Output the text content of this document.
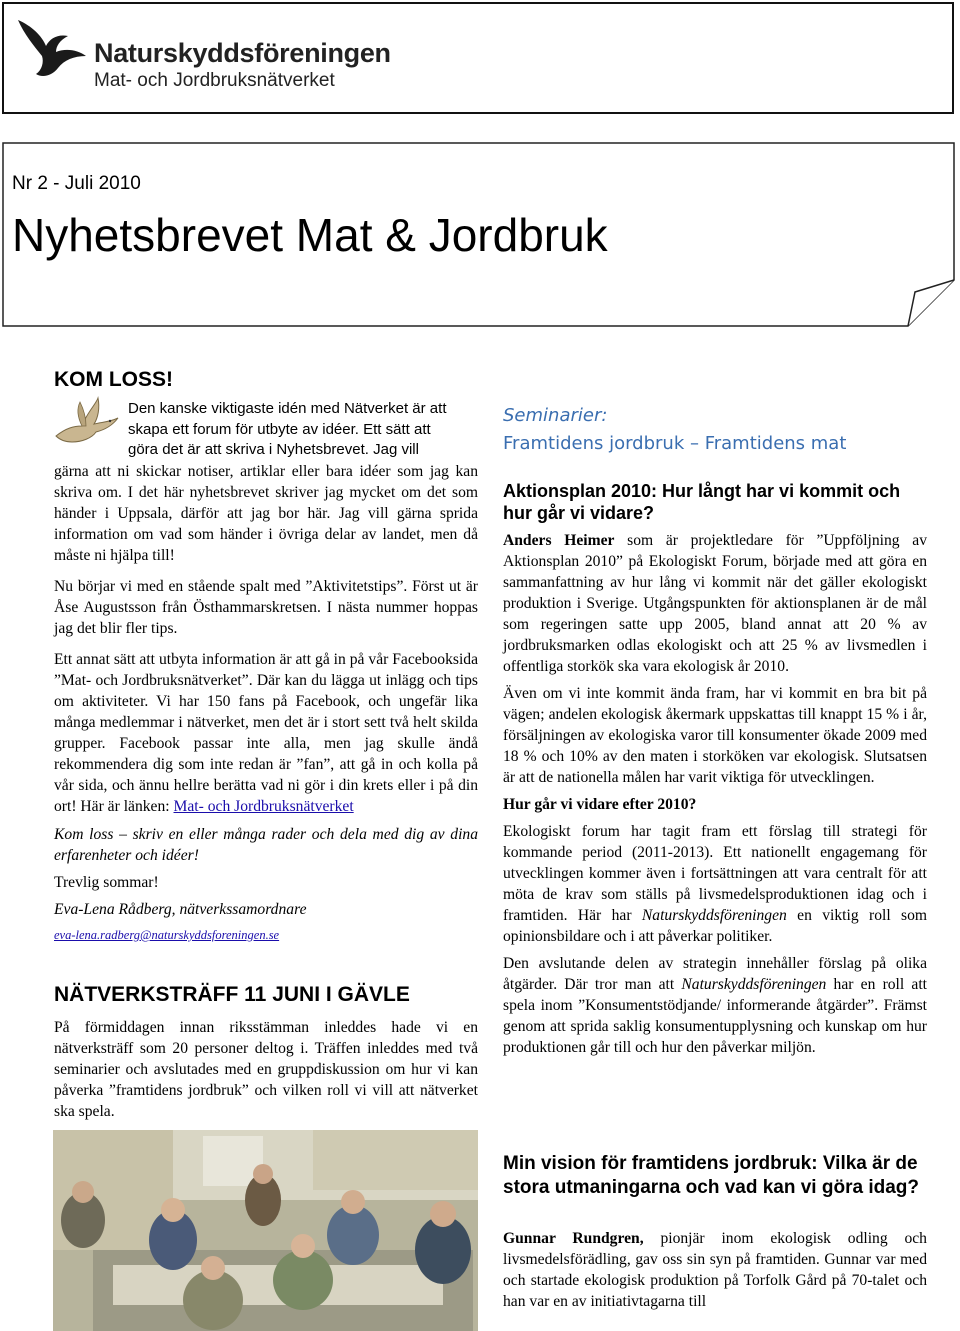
Naturskyddsföreningen
Mat- och Jordbruksnätverket
Nr 2 - Juli 2010
Nyhetsbrevet Mat & Jordbruk
KOM LOSS!
Den kanske viktigaste idén med Nätverket är att
skapa ett forum för utbyte av idéer. Ett sätt att
göra det är att skriva i Nyhetsbrevet. Jag vill

gärna att ni skickar notiser, artiklar eller bara idéer som jag kan skriva om. I det här nyhetsbrevet skriver jag mycket om det som händer i Uppsala, därför att jag bor här. Jag vill gärna sprida information om vad som händer i övriga delar av landet, men då måste ni hjälpa till!

Nu börjar vi med en stående spalt med ”Aktivitetstips”. Först ut är Åse Augustsson från Östhammarskretsen. I nästa nummer hoppas jag det blir fler tips.

Ett annat sätt att utbyta information är att gå in på vår Facebooksida ”Mat- och Jordbruksnätverket”. Där kan du lägga ut inlägg och tips om aktiviteter. Vi har 150 fans på Facebook, och ungefär lika många medlemmar i nätverket, men det är i stort sett två helt skilda grupper. Facebook passar inte alla, men jag skulle ändå rekommendera dig som inte redan är ”fan”, att gå in och kolla på vår sida, och ännu hellre berätta vad ni gör i din krets eller i på din ort! Här är länken: Mat- och Jordbruksnätverket

Kom loss – skriv en eller många rader och dela med dig av dina erfarenheter och idéer!

Trevlig sommar!

Eva-Lena Rådberg, nätverkssamordnare

eva-lena.radberg@naturskyddsforeningen.se

NÄTVERKSTRÄFF 11 JUNI I GÄVLE

På förmiddagen innan riksstämman inleddes hade vi en nätverksträff som 20 personer deltog i. Träffen inleddes med två seminarier och avslutades med en gruppdiskussion om hur vi kan påverka ”framtidens jordbruk” och vilken roll vi vill att nätverket ska spela.

Seminarier:
Framtidens jordbruk – Framtidens mat
Aktionsplan 2010: Hur långt har vi kommit och hur går vi vidare?

Anders Heimer som är projektledare för ”Uppföljning av Aktionsplan 2010” på Ekologiskt Forum, började med att göra en sammanfattning av hur lång vi kommit när det gäller ekologiskt produktion i Sverige. Utgångspunkten för aktionsplanen är de mål som regeringen satte upp 2005, bland annat att 20 % av jordbruksmarken odlas ekologiskt och att 25 % av livsmedlen i offentliga storkök ska vara ekologisk år 2010.

Även om vi inte kommit ända fram, har vi kommit en bra bit på vägen; andelen ekologisk åkermark uppskattas till knappt 15 % i år, försäljningen av ekologiska varor till konsumenter ökade 2009 med 18 % och 10% av den maten i storköken var ekologisk. Slutsatsen är att de nationella målen har varit viktiga för utvecklingen.

Hur går vi vidare efter 2010?

Ekologiskt forum har tagit fram ett förslag till strategi för kommande period (2011-2013). Ett nationellt engagemang för utvecklingen kommer även i fortsättningen att vara centralt för att möta de krav som ställs på livsmedelsproduktionen idag och i framtiden. Här har Naturskyddsföreningen en viktig roll som opinionsbildare och i att påverkar politiker.

Den avslutande delen av strategin innehåller förslag på olika åtgärder. Där tror man att Naturskyddsföreningen har en roll att spela inom ”Konsumentstödjande/ informerande åtgärder”. Främst genom att sprida saklig konsumentupplysning och kunskap om hur produktionen går till och hur den påverkar miljön.

Min vision för framtidens jordbruk: Vilka är de stora utmaningarna och vad kan vi göra idag?

Gunnar Rundgren, pionjär inom ekologisk odling och livsmedelsförädling, gav oss sin syn på framtiden. Gunnar var med och startade ekologisk produktion på Torfolk Gård på 70-talet och han var en av initiativtagarna till
